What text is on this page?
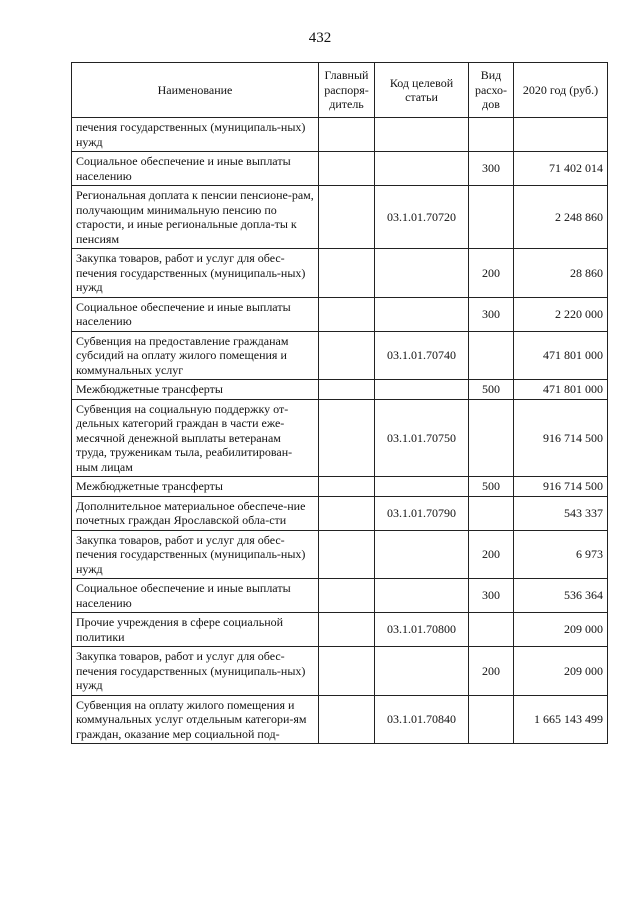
432
Наименование	Главный распоря-дитель	Код целевой статьи	Вид расхо-дов	2020 год (руб.)
печения государственных (муниципаль-ных) нужд				
Социальное обеспечение и иные выплаты населению			300	71 402 014
Региональная доплата к пенсии пенсионе-рам, получающим минимальную пенсию по старости, и иные региональные допла-ты к пенсиям		03.1.01.70720		2 248 860
Закупка товаров, работ и услуг для обес-печения государственных (муниципаль-ных) нужд			200	28 860
Социальное обеспечение и иные выплаты населению			300	2 220 000
Субвенция на предоставление гражданам субсидий на оплату жилого помещения и коммунальных услуг		03.1.01.70740		471 801 000
Межбюджетные трансферты			500	471 801 000
Субвенция на социальную поддержку от-дельных категорий граждан в части еже-месячной денежной выплаты ветеранам труда, труженикам тыла, реабилитирован-ным лицам		03.1.01.70750		916 714 500
Межбюджетные трансферты			500	916 714 500
Дополнительное материальное обеспече-ние почетных граждан Ярославской обла-сти		03.1.01.70790		543 337
Закупка товаров, работ и услуг для обес-печения государственных (муниципаль-ных) нужд			200	6 973
Социальное обеспечение и иные выплаты населению			300	536 364
Прочие учреждения в сфере социальной политики		03.1.01.70800		209 000
Закупка товаров, работ и услуг для обес-печения государственных (муниципаль-ных) нужд			200	209 000
Субвенция на оплату жилого помещения и коммунальных услуг отдельным категори-ям граждан, оказание мер социальной под-		03.1.01.70840		1 665 143 499
